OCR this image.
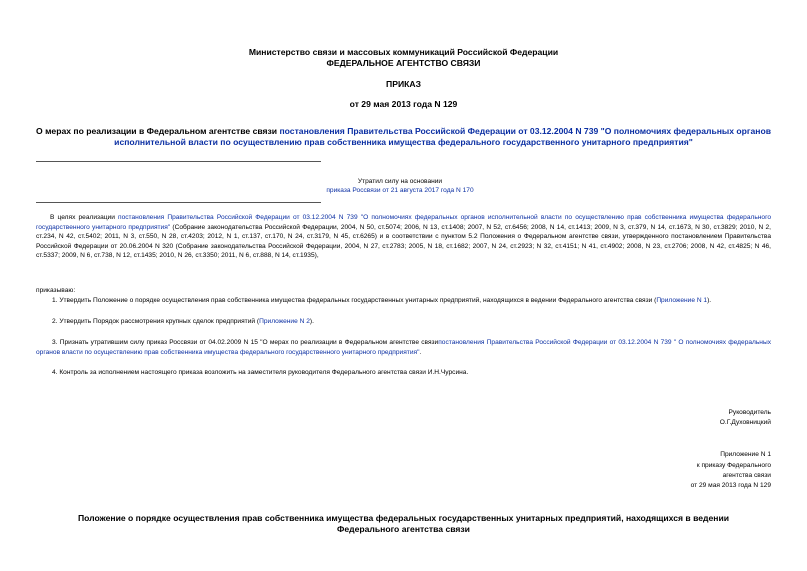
Министерство связи и массовых коммуникаций Российской Федерации
ФЕДЕРАЛЬНОЕ АГЕНТСТВО СВЯЗИ
ПРИКАЗ
от 29 мая 2013 года N 129
О мерах по реализации в Федеральном агентстве связи постановления Правительства Российской Федерации от 03.12.2004 N 739 "О полномочиях федеральных органов исполнительной власти по осуществлению прав собственника имущества федерального государственного унитарного предприятия"
Утратил силу на основании
приказа Россвязи от 21 августа 2017 года N 170
В целях реализации постановления Правительства Российской Федерации от 03.12.2004 N 739 "О полномочиях федеральных органов исполнительной власти по осуществлению прав собственника имущества федерального государственного унитарного предприятия" (Собрание законодательства Российской Федерации, 2004, N 50, ст.5074; 2006, N 13, ст.1408; 2007, N 52, ст.6456; 2008, N 14, ст.1413; 2009, N 3, ст.379, N 14, ст.1673, N 30, ст.3829; 2010, N 2, ст.234, N 42, ст.5402; 2011, N 3, ст.550, N 28, ст.4203; 2012, N 1, ст.137, ст.170, N 24, ст.3179, N 45, ст.6265) и в соответствии с пунктом 5.2 Положения о Федеральном агентстве связи, утвержденного постановлением Правительства Российской Федерации от 20.06.2004 N 320 (Собрание законодательства Российской Федерации, 2004, N 27, ст.2783; 2005, N 18, ст.1682; 2007, N 24, ст.2923; N 32, ст.4151; N 41, ст.4902; 2008, N 23, ст.2706; 2008, N 42, ст.4825; N 46, ст.5337; 2009, N 6, ст.738, N 12, ст.1435; 2010, N 26, ст.3350; 2011, N 6, ст.888, N 14, ст.1935),
приказываю:
1. Утвердить Положение о порядке осуществления прав собственника имущества федеральных государственных унитарных предприятий, находящихся в ведении Федерального агентства связи (Приложение N 1).
2. Утвердить Порядок рассмотрения крупных сделок предприятий (Приложение N 2).
3. Признать утратившим силу приказ Россвязи от 04.02.2009 N 15 "О мерах по реализации в Федеральном агентстве связипостановления Правительства Российской Федерации от 03.12.2004 N 739 " О полномочиях федеральных органов власти по осуществлению прав собственника имущества федерального государственного унитарного предприятия".
4. Контроль за исполнением настоящего приказа возложить на заместителя руководителя Федерального агентства связи И.Н.Чурсина.
Руководитель
О.Г.Духовницкий
Приложение N 1
к приказу Федерального
агентства связи
от 29 мая 2013 года N 129
Положение о порядке осуществления прав собственника имущества федеральных государственных унитарных предприятий, находящихся в ведении Федерального агентства связи
